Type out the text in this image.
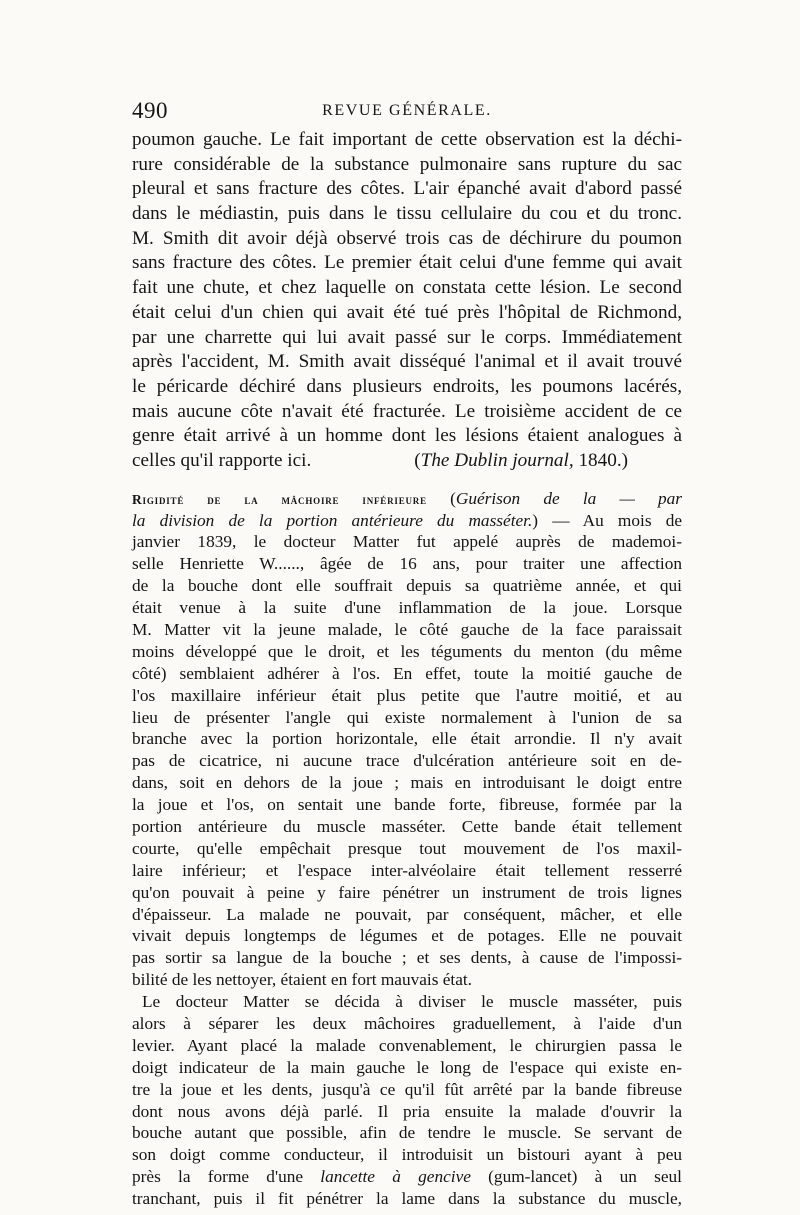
490	REVUE GÉNÉRALE.
poumon gauche. Le fait important de cette observation est la déchi-
rure considérable de la substance pulmonaire sans rupture du sac
pleural et sans fracture des côtes. L'air épanché avait d'abord passé
dans le médiastin, puis dans le tissu cellulaire du cou et du tronc.
M. Smith dit avoir déjà observé trois cas de déchirure du poumon
sans fracture des côtes. Le premier était celui d'une femme qui avait
fait une chute, et chez laquelle on constata cette lésion. Le second
était celui d'un chien qui avait été tué près l'hôpital de Richmond,
par une charrette qui lui avait passé sur le corps. Immédiatement
après l'accident, M. Smith avait disséqué l'animal et il avait trouvé
le péricarde déchiré dans plusieurs endroits, les poumons lacérés,
mais aucune côte n'avait été fracturée. Le troisième accident de ce
genre était arrivé à un homme dont les lésions étaient analogues à
celles qu'il rapporte ici.	(The Dublin journal, 1840.)
Rigidité de la mâchoire inférieure (Guérison de la — par
la division de la portion antérieure du masséter.) — Au mois de
janvier 1839, le docteur Matter fut appelé auprès de mademoi-
selle Henriette W......, âgée de 16 ans, pour traiter une affection
de la bouche dont elle souffrait depuis sa quatrième année, et qui
était venue à la suite d'une inflammation de la joue. Lorsque
M. Matter vit la jeune malade, le côté gauche de la face paraissait
moins développé que le droit, et les téguments du menton (du même
côté) semblaient adhérer à l'os. En effet, toute la moitié gauche de
l'os maxillaire inférieur était plus petite que l'autre moitié, et au
lieu de présenter l'angle qui existe normalement à l'union de sa
branche avec la portion horizontale, elle était arrondie. Il n'y avait
pas de cicatrice, ni aucune trace d'ulcération antérieure soit en de-
dans, soit en dehors de la joue ; mais en introduisant le doigt entre
la joue et l'os, on sentait une bande forte, fibreuse, formée par la
portion antérieure du muscle masséter. Cette bande était tellement
courte, qu'elle empêchait presque tout mouvement de l'os maxil-
laire inférieur; et l'espace inter-alvéolaire était tellement resserré
qu'on pouvait à peine y faire pénétrer un instrument de trois lignes
d'épaisseur. La malade ne pouvait, par conséquent, mâcher, et elle
vivait depuis longtemps de légumes et de potages. Elle ne pouvait
pas sortir sa langue de la bouche ; et ses dents, à cause de l'impossi-
bilité de les nettoyer, étaient en fort mauvais état.
Le docteur Matter se décida à diviser le muscle masséter, puis
alors à séparer les deux mâchoires graduellement, à l'aide d'un
levier. Ayant placé la malade convenablement, le chirurgien passa le
doigt indicateur de la main gauche le long de l'espace qui existe en-
tre la joue et les dents, jusqu'à ce qu'il fût arrêté par la bande fibreuse
dont nous avons déjà parlé. Il pria ensuite la malade d'ouvrir la
bouche autant que possible, afin de tendre le muscle. Se servant de
son doigt comme conducteur, il introduisit un bistouri ayant à peu
près la forme d'une lancette à gencive (gum-lancet) à un seul
tranchant, puis il fit pénétrer la lame dans la substance du muscle,
